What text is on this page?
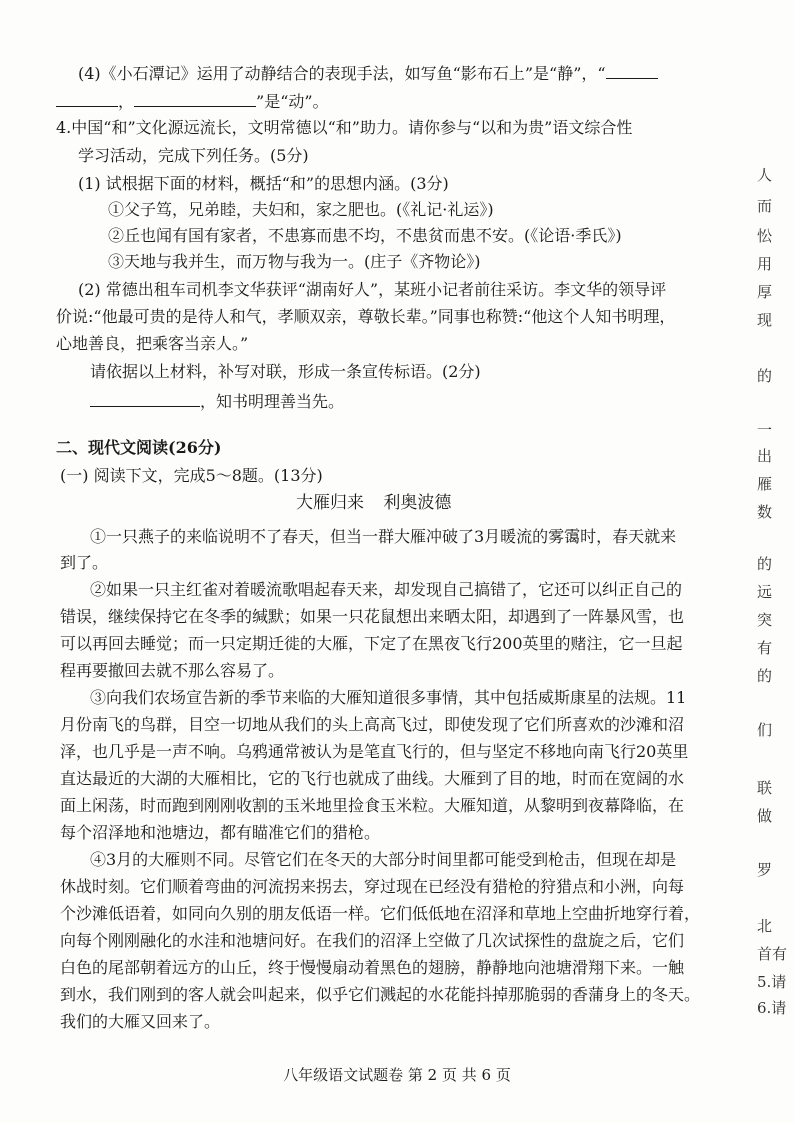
(4)《小石潭记》运用了动静结合的表现手法，如写鱼“影布石上”是“静”，“
，	”是“动”。
4.中国“和”文化源远流长，文明常德以“和”助力。请你参与“以和为贵”语文综合性
学习活动，完成下列任务。(5分)
(1) 试根据下面的材料，概括“和”的思想内涵。(3分)
①父子笃，兄弟睦，夫妇和，家之肥也。(《礼记·礼运》)
②丘也闻有国有家者，不患寡而患不均，不患贫而患不安。(《论语·季氏》)
③天地与我并生，而万物与我为一。(庄子《齐物论》)
(2) 常德出租车司机李文华获评“湖南好人”，某班小记者前往采访。李文华的领导评
价说:“他最可贵的是待人和气，孝顺双亲，尊敬长辈。”同事也称赞:“他这个人知书明理，
心地善良，把乘客当亲人。”
请依据以上材料，补写对联，形成一条宣传标语。(2分)
，知书明理善当先。
二、现代文阅读(26分)
(一) 阅读下文，完成5～8题。(13分)
大雁归来 利奥波德
①一只燕子的来临说明不了春天，但当一群大雁冲破了3月暖流的雾霭时，春天就来
到了。
②如果一只主红雀对着暖流歌唱起春天来，却发现自己搞错了，它还可以纠正自己的
错误，继续保持它在冬季的缄默；如果一只花鼠想出来晒太阳，却遇到了一阵暴风雪，也
可以再回去睡觉；而一只定期迁徙的大雁，下定了在黑夜飞行200英里的赌注，它一旦起
程再要撤回去就不那么容易了。
③向我们农场宣告新的季节来临的大雁知道很多事情，其中包括威斯康星的法规。11
月份南飞的鸟群，目空一切地从我们的头上高高飞过，即使发现了它们所喜欢的沙滩和沼
泽，也几乎是一声不响。乌鸦通常被认为是笔直飞行的，但与坚定不移地向南飞行20英里
直达最近的大湖的大雁相比，它的飞行也就成了曲线。大雁到了目的地，时而在宽阔的水
面上闲荡，时而跑到刚刚收割的玉米地里捡食玉米粒。大雁知道，从黎明到夜幕降临，在
每个沼泽地和池塘边，都有瞄准它们的猎枪。
④3月的大雁则不同。尽管它们在冬天的大部分时间里都可能受到枪击，但现在却是
休战时刻。它们顺着弯曲的河流拐来拐去，穿过现在已经没有猎枪的狩猎点和小洲，向每
个沙滩低语着，如同向久别的朋友低语一样。它们低低地在沼泽和草地上空曲折地穿行着，
向每个刚刚融化的水洼和池塘问好。在我们的沼泽上空做了几次试探性的盘旋之后，它们
白色的尾部朝着远方的山丘，终于慢慢扇动着黑色的翅膀，静静地向池塘滑翔下来。一触
到水，我们刚到的客人就会叫起来，似乎它们溅起的水花能抖掉那脆弱的香蒲身上的冬天。
我们的大雁又回来了。
人
而
忪
用
厚
现
的
一
出
雁
数
的
远
突
有
的
们
联
做
罗
北
首有
5.请
6.请
八年级语文试题卷 第 2 页 共 6 页
